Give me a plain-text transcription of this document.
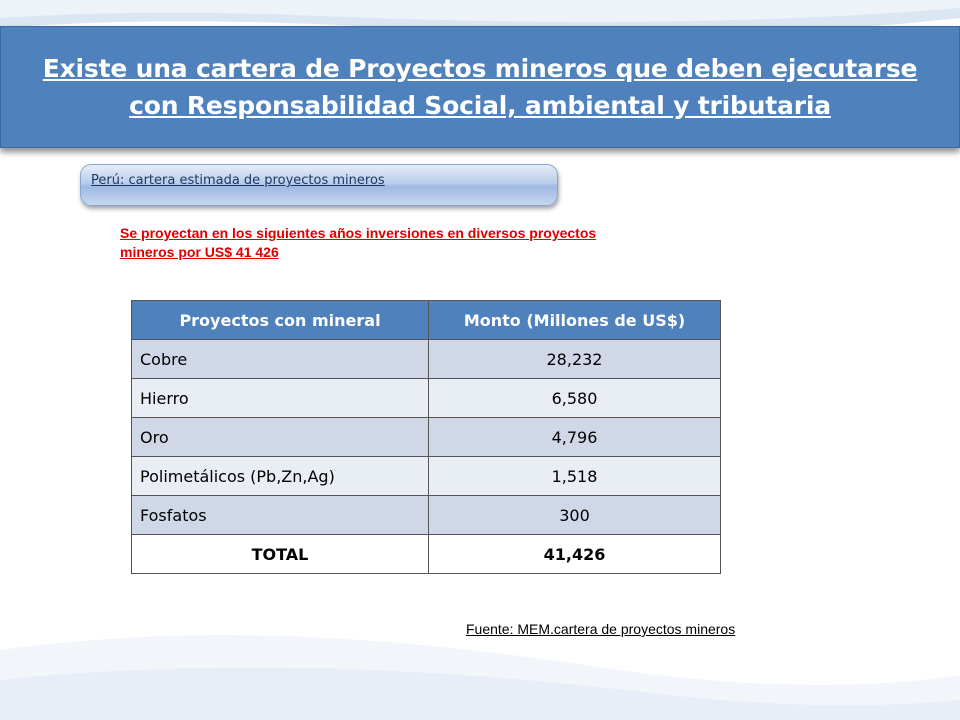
Existe una cartera de Proyectos mineros que deben ejecutarse con Responsabilidad Social, ambiental y tributaria
Perú: cartera estimada de proyectos mineros
Se proyectan en los siguientes años inversiones en diversos proyectos mineros por US$ 41 426
Proyectos con mineral	Monto (Millones de US$)
Cobre	28,232
Hierro	6,580
Oro	4,796
Polimetálicos (Pb,Zn,Ag)	1,518
Fosfatos	300
TOTAL	41,426
Fuente: MEM.cartera de proyectos mineros
